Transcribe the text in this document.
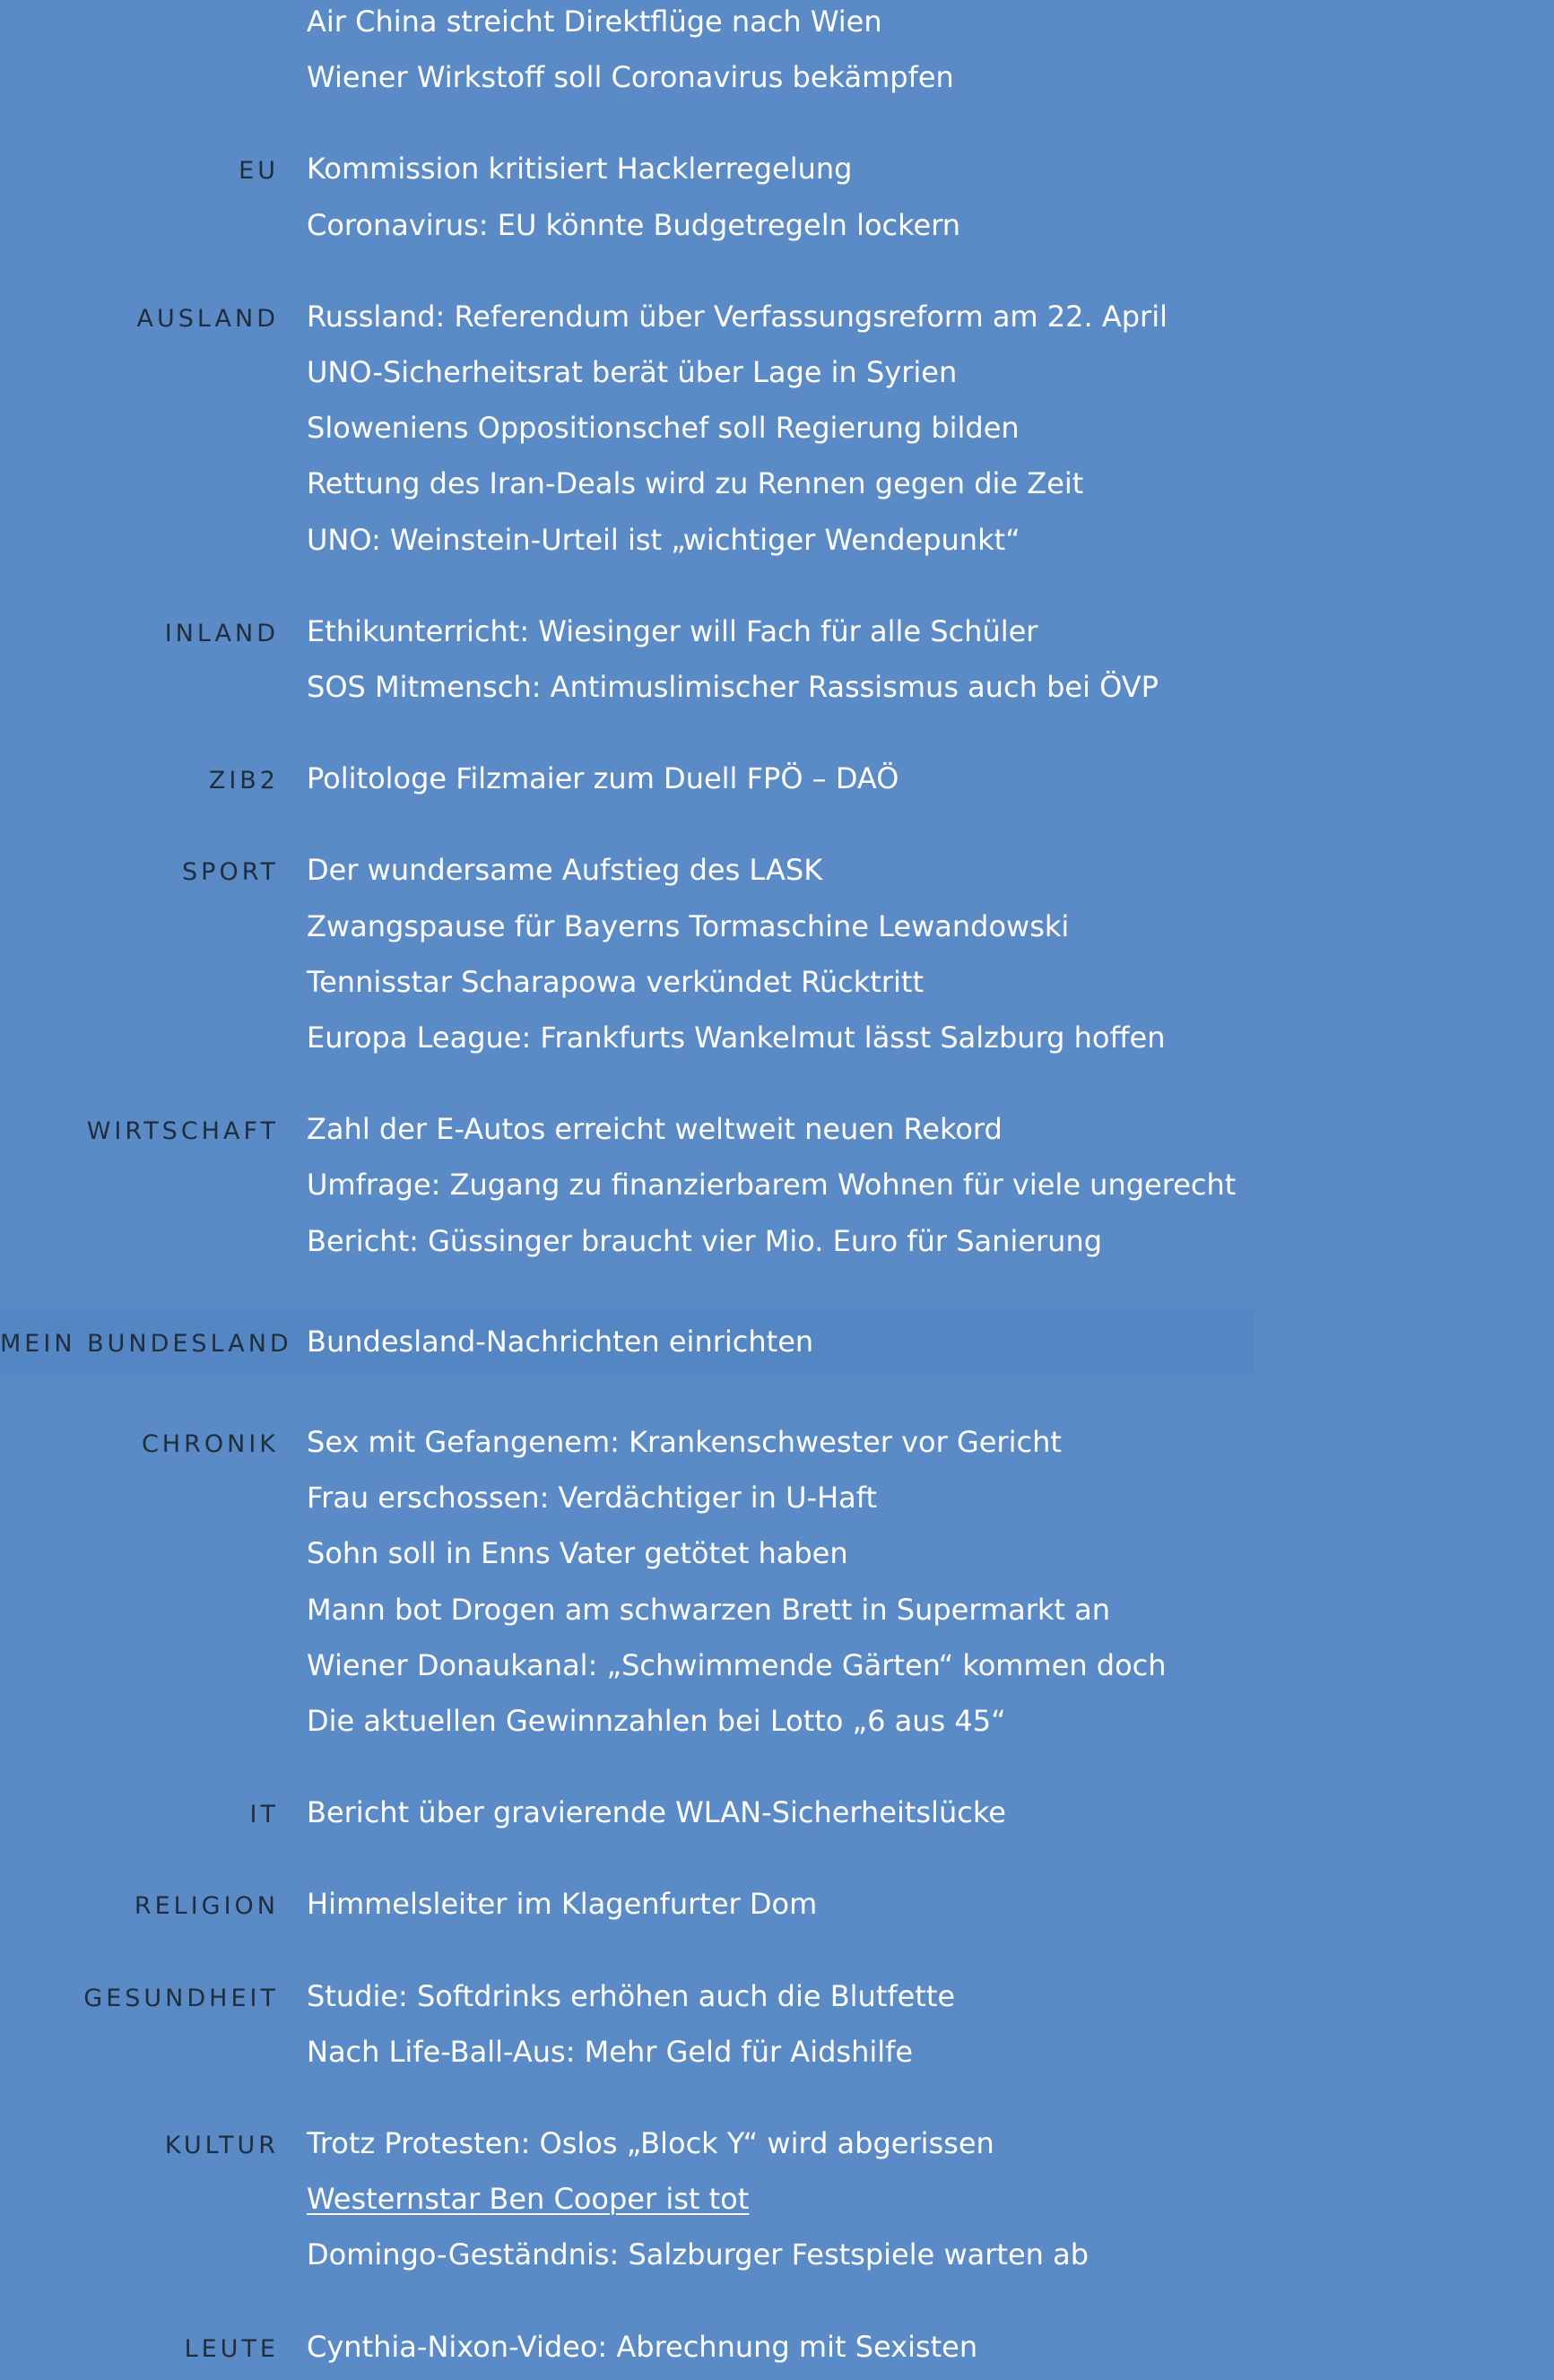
Air China streicht Direktflüge nach Wien
Wiener Wirkstoff soll Coronavirus bekämpfen
EU Kommission kritisiert Hacklerregelung
Coronavirus: EU könnte Budgetregeln lockern
AUSLAND Russland: Referendum über Verfassungsreform am 22. April
UNO-Sicherheitsrat berät über Lage in Syrien
Sloweniens Oppositionschef soll Regierung bilden
Rettung des Iran-Deals wird zu Rennen gegen die Zeit
UNO: Weinstein-Urteil ist „wichtiger Wendepunkt“
INLAND Ethikunterricht: Wiesinger will Fach für alle Schüler
SOS Mitmensch: Antimuslimischer Rassismus auch bei ÖVP
ZIB2 Politologe Filzmaier zum Duell FPÖ – DAÖ
SPORT Der wundersame Aufstieg des LASK
Zwangspause für Bayerns Tormaschine Lewandowski
Tennisstar Scharapowa verkündet Rücktritt
Europa League: Frankfurts Wankelmut lässt Salzburg hoffen
WIRTSCHAFT Zahl der E-Autos erreicht weltweit neuen Rekord
Umfrage: Zugang zu finanzierbarem Wohnen für viele ungerecht
Bericht: Güssinger braucht vier Mio. Euro für Sanierung
MEIN BUNDESLAND Bundesland-Nachrichten einrichten
CHRONIK Sex mit Gefangenem: Krankenschwester vor Gericht
Frau erschossen: Verdächtiger in U-Haft
Sohn soll in Enns Vater getötet haben
Mann bot Drogen am schwarzen Brett in Supermarkt an
Wiener Donaukanal: „Schwimmende Gärten“ kommen doch
Die aktuellen Gewinnzahlen bei Lotto „6 aus 45“
IT Bericht über gravierende WLAN-Sicherheitslücke
RELIGION Himmelsleiter im Klagenfurter Dom
GESUNDHEIT Studie: Softdrinks erhöhen auch die Blutfette
Nach Life-Ball-Aus: Mehr Geld für Aidshilfe
KULTUR Trotz Protesten: Oslos „Block Y“ wird abgerissen
Westernstar Ben Cooper ist tot
Domingo-Geständnis: Salzburger Festspiele warten ab
LEUTE Cynthia-Nixon-Video: Abrechnung mit Sexisten
